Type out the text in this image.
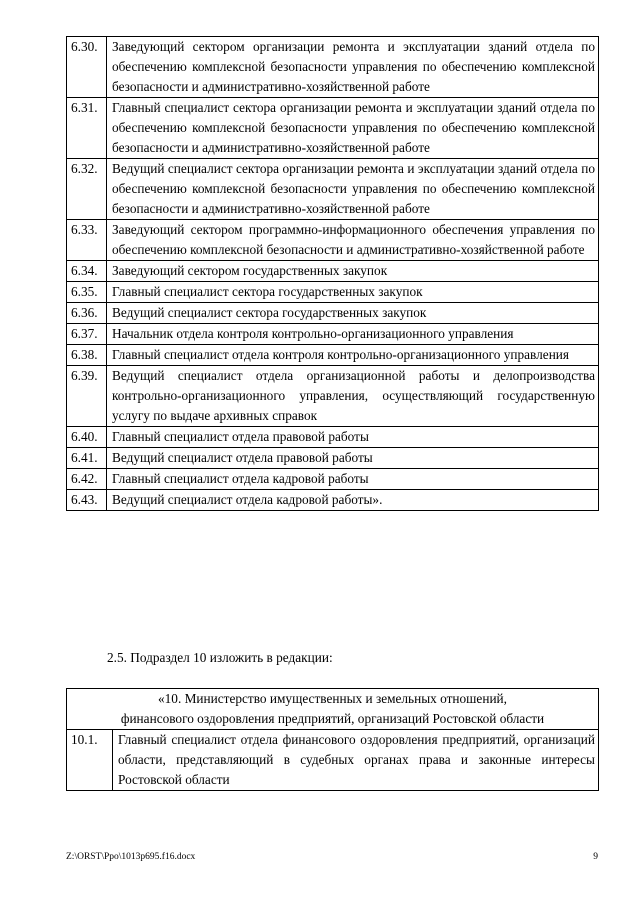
6.30.	Заведующий сектором организации ремонта и эксплуатации зданий отдела по обеспечению комплексной безопасности управления по обеспечению комплексной безопасности и административно-хозяйственной работе
6.31.	Главный специалист сектора организации ремонта и эксплуатации зданий отдела по обеспечению комплексной безопасности управления по обеспечению комплексной безопасности и административно-хозяйственной работе
6.32.	Ведущий специалист сектора организации ремонта и эксплуатации зданий отдела по обеспечению комплексной безопасности управления по обеспечению комплексной безопасности и административно-хозяйственной работе
6.33.	Заведующий сектором программно-информационного обеспечения управления по обеспечению комплексной безопасности и административно-хозяйственной работе
6.34.	Заведующий сектором государственных закупок
6.35.	Главный специалист сектора государственных закупок
6.36.	Ведущий специалист сектора государственных закупок
6.37.	Начальник отдела контроля контрольно-организационного управления
6.38.	Главный специалист отдела контроля контрольно-организационного управления
6.39.	Ведущий специалист отдела организационной работы и делопроизводства контрольно-организационного управления, осуществляющий государственную услугу по выдаче архивных справок
6.40.	Главный специалист отдела правовой работы
6.41.	Ведущий специалист отдела правовой работы
6.42.	Главный специалист отдела кадровой работы
6.43.	Ведущий специалист отдела кадровой работы».
2.5. Подраздел 10 изложить в редакции:
«10. Министерство имущественных и земельных отношений,
финансового оздоровления предприятий, организаций Ростовской области

10.1.	Главный специалист отдела финансового оздоровления предприятий, организаций области, представляющий в судебных органах права и законные интересы Ростовской области
Z:\ORST\Ppo\1013p695.f16.docx	9
